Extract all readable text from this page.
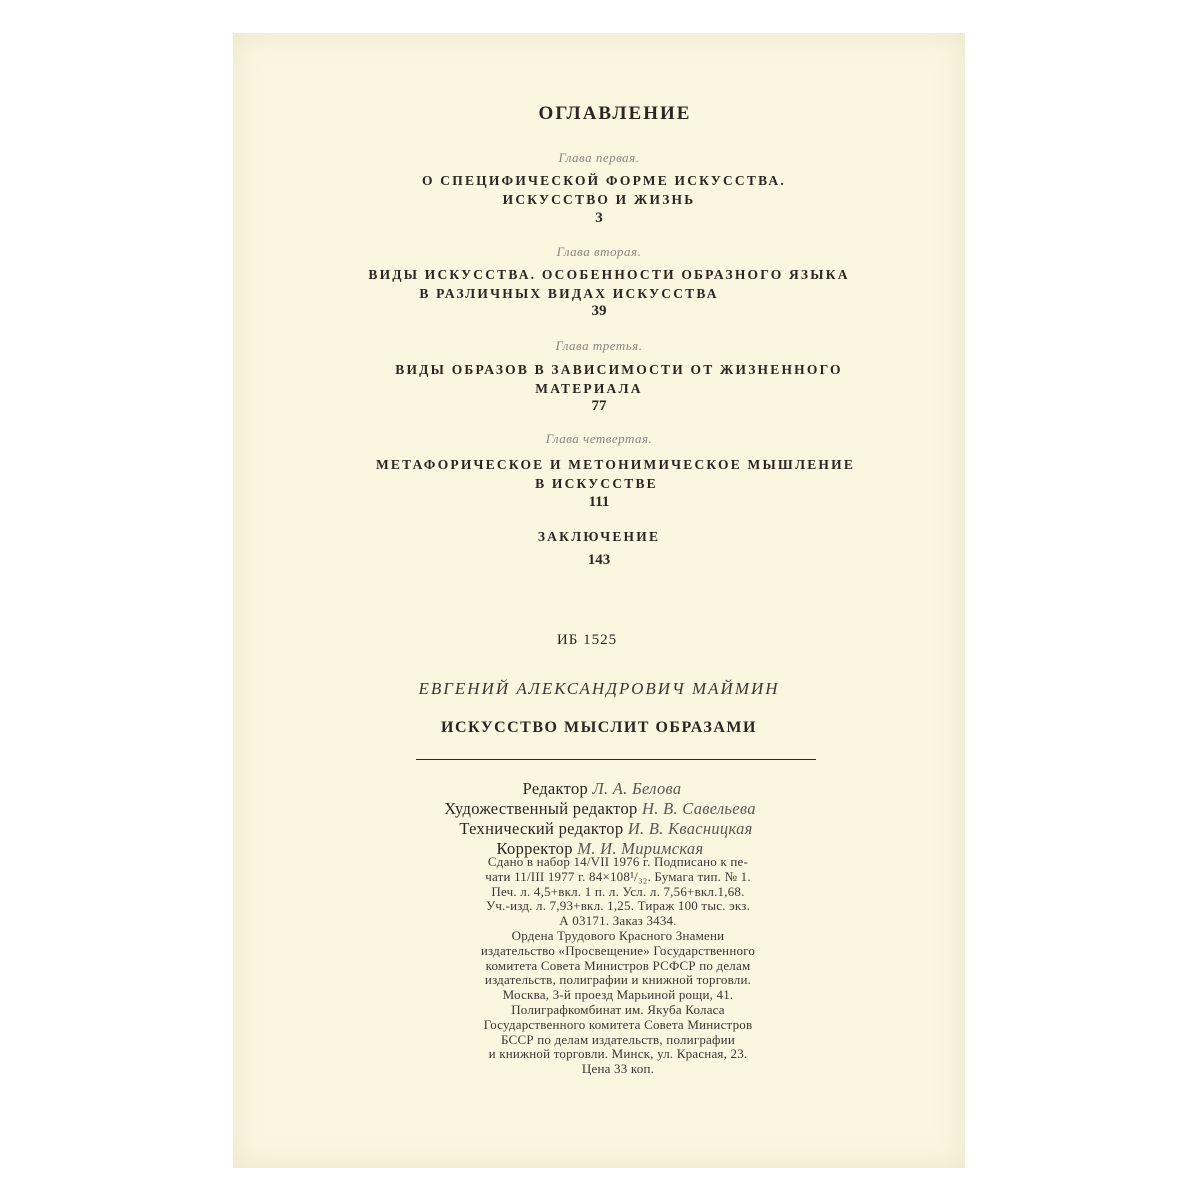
ОГЛАВЛЕНИЕ
Глава первая.
О СПЕЦИФИЧЕСКОЙ ФОРМЕ ИСКУССТВА.
ИСКУССТВО И ЖИЗНЬ
3
Глава вторая.
ВИДЫ ИСКУССТВА. ОСОБЕННОСТИ ОБРАЗНОГО ЯЗЫКА
В РАЗЛИЧНЫХ ВИДАХ ИСКУССТВА
39
Глава третья.
ВИДЫ ОБРАЗОВ В ЗАВИСИМОСТИ ОТ ЖИЗНЕННОГО
МАТЕРИАЛА
77
Глава четвертая.
МЕТАФОРИЧЕСКОЕ И МЕТОНИМИЧЕСКОЕ МЫШЛЕНИЕ
В ИСКУССТВЕ
111
ЗАКЛЮЧЕНИЕ
143
ИБ 1525
ЕВГЕНИЙ АЛЕКСАНДРОВИЧ МАЙМИН
ИСКУССТВО МЫСЛИТ ОБРАЗАМИ
Редактор Л. А. Белова
Художественный редактор Н. В. Савельева
Технический редактор И. В. Квасницкая
Корректор М. И. Миримская
Сдано в набор 14/VII 1976 г. Подписано к пе-
чати 11/III 1977 г. 84×108¹/₃₂. Бумага тип. № 1.
Печ. л. 4,5+вкл. 1 п. л. Усл. л. 7,56+вкл.1,68.
Уч.-изд. л. 7,93+вкл. 1,25. Тираж 100 тыс. экз.
А 03171. Заказ 3434.
Ордена Трудового Красного Знамени
издательство «Просвещение» Государственного
комитета Совета Министров РСФСР по делам
издательств, полиграфии и книжной торговли.
Москва, 3-й проезд Марьиной рощи, 41.
Полиграфкомбинат им. Якуба Коласа
Государственного комитета Совета Министров
БССР по делам издательств, полиграфии
и книжной торговли. Минск, ул. Красная, 23.
Цена 33 коп.
